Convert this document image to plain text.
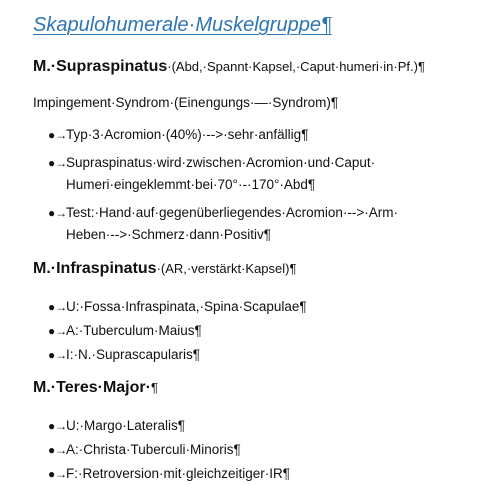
Skapulohumerale·Muskelgruppe¶
M.·Supraspinatus·(Abd,·Spannt·Kapsel,·Caput·humeri·in·Pf.)¶
Impingement·Syndrom·(Einengungs·—·Syndrom)¶
●→Typ·3·Acromion·(40%)·-->·sehr·anfällig¶
●→Supraspinatus·wird·zwischen·Acromion·und·Caput·
Humeri·eingeklemmt·bei·70°·-·170°·Abd¶
●→Test:·Hand·auf·gegenüberliegendes·Acromion·-->·Arm·
Heben·-->·Schmerz·dann·Positiv¶
M.·Infraspinatus·(AR,·verstärkt·Kapsel)¶
●→U:·Fossa·Infraspinata,·Spina·Scapulae¶
●→A:·Tuberculum·Maius¶
●→I:·N.·Suprascapularis¶
M.·Teres·Major·¶
●→U:·Margo·Lateralis¶
●→A:·Christa·Tuberculi·Minoris¶
●→F:·Retroversion·mit·gleichzeitiger·IR¶
